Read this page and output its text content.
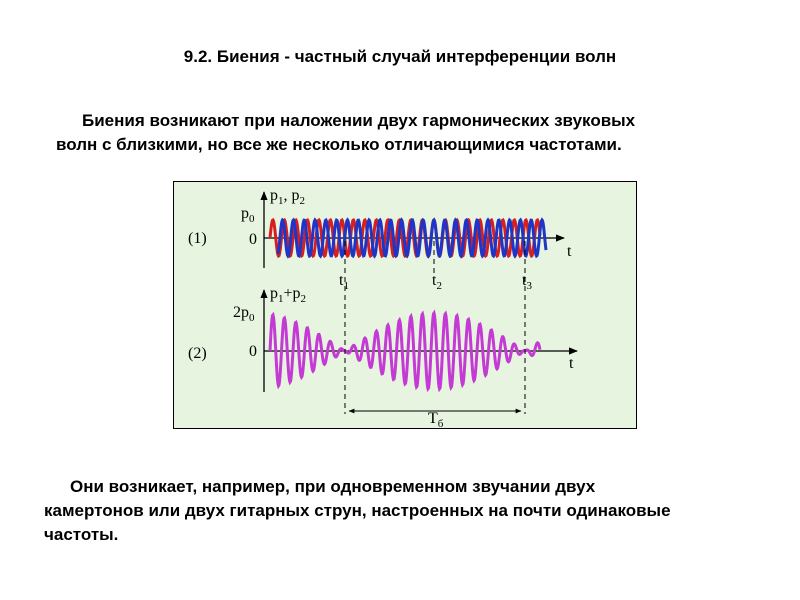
9.2. Биения - частный случай интерференции волн

Биения возникают при наложении двух гармонических звуковых
волн с близкими, но все же несколько отличающимися частотами.

(1)
$p_1$, $p_2$
$p_0$
0
t
$t_1$	$t_2$	$t_3$
(2)
$p_1+p_2$
$2p_0$
0
t
$T_б$

Они возникает, например, при одновременном звучании двух
камертонов или двух гитарных струн, настроенных на почти одинаковые
частоты.
